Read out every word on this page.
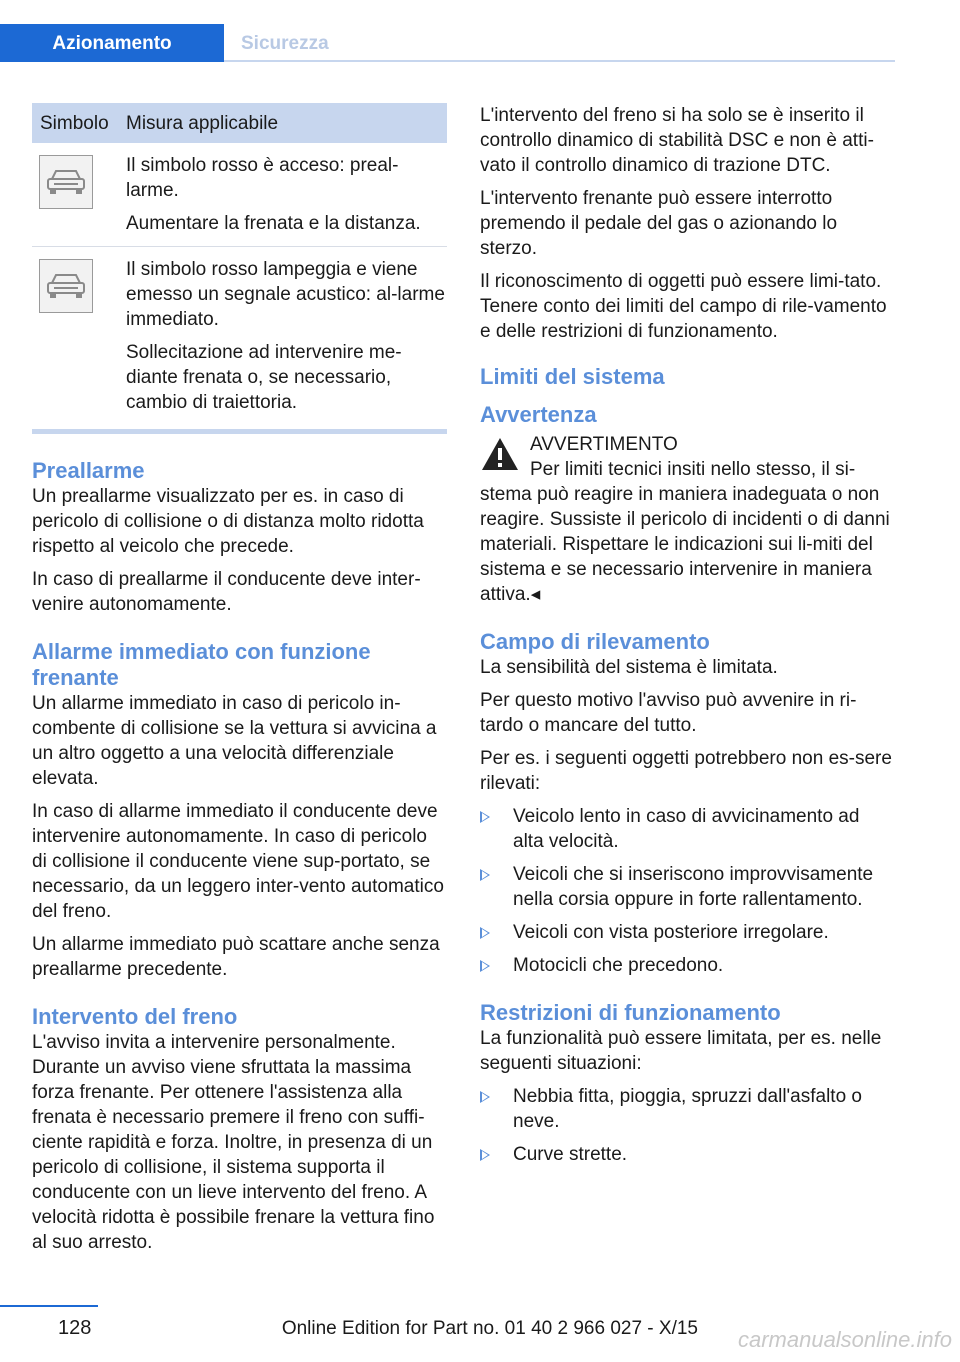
Azionamento	Sicurezza
Simbolo Misura applicabile

Il simbolo rosso è acceso: preal-larme.

Aumentare la frenata e la distanza.

Il simbolo rosso lampeggia e viene emesso un segnale acustico: al-larme immediato.

Sollecitazione ad intervenire me-diante frenata o, se necessario, cambio di traiettoria.

Preallarme

Un preallarme visualizzato per es. in caso di pericolo di collisione o di distanza molto ridotta rispetto al veicolo che precede.

In caso di preallarme il conducente deve inter-venire autonomamente.

Allarme immediato con funzione frenante

Un allarme immediato in caso di pericolo in-combente di collisione se la vettura si avvicina a un altro oggetto a una velocità differenziale elevata.

In caso di allarme immediato il conducente deve intervenire autonomamente. In caso di pericolo di collisione il conducente viene sup-portato, se necessario, da un leggero inter-vento automatico del freno.

Un allarme immediato può scattare anche senza preallarme precedente.

Intervento del freno

L'avviso invita a intervenire personalmente. Durante un avviso viene sfruttata la massima forza frenante. Per ottenere l'assistenza alla frenata è necessario premere il freno con suffi-ciente rapidità e forza. Inoltre, in presenza di un pericolo di collisione, il sistema supporta il conducente con un lieve intervento del freno. A velocità ridotta è possibile frenare la vettura fino al suo arresto.

L'intervento del freno si ha solo se è inserito il controllo dinamico di stabilità DSC e non è atti-vato il controllo dinamico di trazione DTC.

L'intervento frenante può essere interrotto premendo il pedale del gas o azionando lo sterzo.

Il riconoscimento di oggetti può essere limi-tato. Tenere conto dei limiti del campo di rile-vamento e delle restrizioni di funzionamento.

Limiti del sistema
Avvertenza

AVVERTIMENTO

Per limiti tecnici insiti nello stesso, il si-stema può reagire in maniera inadeguata o non reagire. Sussiste il pericolo di incidenti o di danni materiali. Rispettare le indicazioni sui li-miti del sistema e se necessario intervenire in maniera attiva.◂

Campo di rilevamento

La sensibilità del sistema è limitata.

Per questo motivo l'avviso può avvenire in ri-tardo o mancare del tutto.

Per es. i seguenti oggetti potrebbero non es-sere rilevati:

Veicolo lento in caso di avvicinamento ad alta velocità.
Veicoli che si inseriscono improvvisamente nella corsia oppure in forte rallentamento.
Veicoli con vista posteriore irregolare.
Motocicli che precedono.
Restrizioni di funzionamento

La funzionalità può essere limitata, per es. nelle seguenti situazioni:

Nebbia fitta, pioggia, spruzzi dall'asfalto o neve.
Curve strette.
128	Online Edition for Part no. 01 40 2 966 027 - X/15 carmanualsonline.info
